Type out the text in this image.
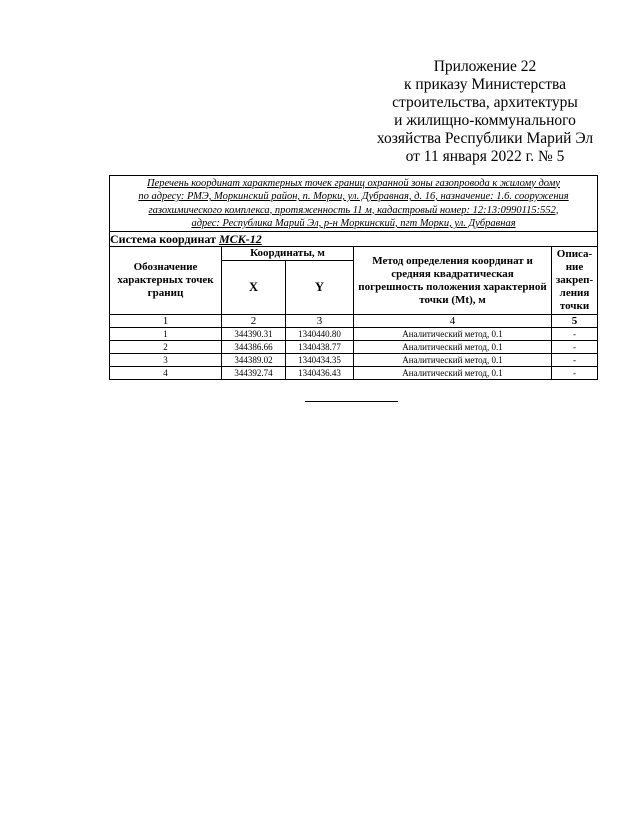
Приложение 22
к приказу Министерства
строительства, архитектуры
и жилищно-коммунального
хозяйства Республики Марий Эл
от 11 января 2022 г. № 5
Перечень координат характерных точек границ охранной зоны газопровода к жилому дому
по адресу: РМЭ, Моркинский район, п. Морки, ул. Дубравная, д. 16, назначение: 1.6. сооружения
газохимического комплекса, протяженность 11 м, кадастровый номер: 12:13:0990115:552,
адрес: Республика Марий Эл, р-н Моркинский, пгт Морки, ул. Дубравная				

Система координат МСК-12				
Обозначение характерных точек границ	Координаты, м		Метод определения координат и средняя квадратическая погрешность положения характерной точки (Mt), м	Описа-ние закреп-ления точки
	X	Y		
1	2	3	4	5
1	344390.31	1340440.80	Аналитический метод, 0.1	-
2	344386.66	1340438.77	Аналитический метод, 0.1	-
3	344389.02	1340434.35	Аналитический метод, 0.1	-
4	344392.74	1340436.43	Аналитический метод, 0.1	-
